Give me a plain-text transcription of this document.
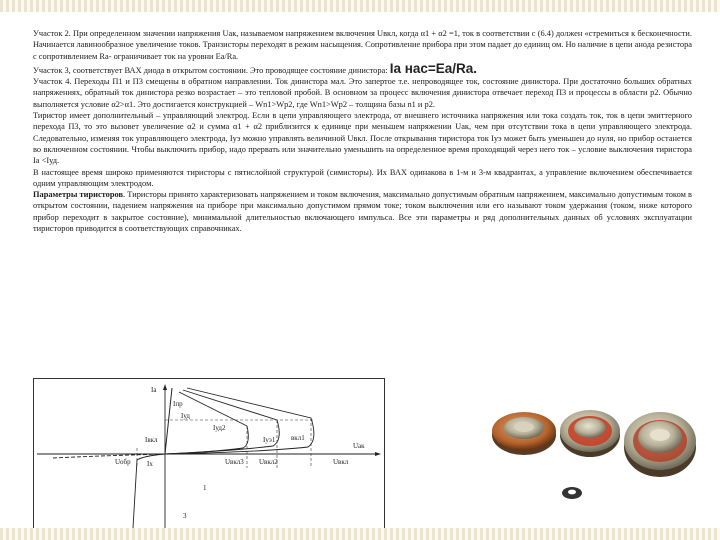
Участок 2. При определенном значении напряжения Uак, называемом напряжением включения Uвкл, когда α1 + α2 =1, ток в соответствии с (6.4) должен «стремиться к бесконечности. Начинается лавинообразное увеличение токов. Транзисторы переходят в режим насыщения. Сопротивление прибора при этом падает до единиц ом. Но наличие в цепи анода резистора с сопротивлением Rа- ограничивает ток на уровни Eа/Rа.

Участок 3, соответствует ВАХ диода в открытом состоянии. Это проводящее состояние динистора: Iа нас=Eа/Rа.

Участок 4. Переходы П1 и П3 смещены в обратном направлении. Ток динистора мал. Это запертое т.е. непроводящее ток, состояние динистора. При достаточно больших обратных напряжениях, обратный ток динистора резко возрастает – это тепловой пробой. В основном за процесс включения динистора отвечает переход П3 и процессы в области p2. Обычно выполняется условие α2>α1. Это достигается конструкцией – Wn1>Wp2, где Wn1>Wp2 – толщина базы n1 и p2.

Тиристор имеет дополнительный – управляющий электрод. Если в цепи управляющего электрода, от внешнего источника напряжения или тока создать ток, ток в цепи эмиттерного перехода П3, то это вызовет увеличение α2 и сумма α1 + α2 приблизится к единице при меньшем напряжении Uак, чем при отсутствии тока в цепи управляющего электрода. Следовательно, изменяя ток управляющего электрода, Iуэ можно управлять величиной Uвкл. После открывания тиристора ток Iуэ может быть уменьшен до нуля, но прибор останется во включенном состоянии. Чтобы выключить прибор, надо прервать или значительно уменьшить на определенное время проходящий через него ток – условие выключения тиристора Iа <Iуд.

В настоящее время широко применяются тиристоры с пятислойной структурой (симисторы). Их ВАХ одинакова в 1-м и 3-м квадрантах, а управление включением обеспечивается одним управляющим электродом.

Параметры тиристоров. Тиристоры принято характеризовать напряжением и током включения, максимально допустимым обратным напряжением, максимально допустимым током в открытом состоянии, падением напряжения на приборе при максимально допустимом прямом токе; током выключения или его называют током удержания (током, ниже которого прибор переходит в закрытое состояние), минимальной длительностью включающего импульса. Все эти параметры и ряд дополнительных данных об условиях эксплуатации тиристоров приводится в соответствующих справочниках.

Iа
Uак
Iвкл
Uвкл
вкл1
Iуд
Iпр
Uобр
Iуд2
Uвкл2
Uвкл3
Iуэ1
Iх
1
3
